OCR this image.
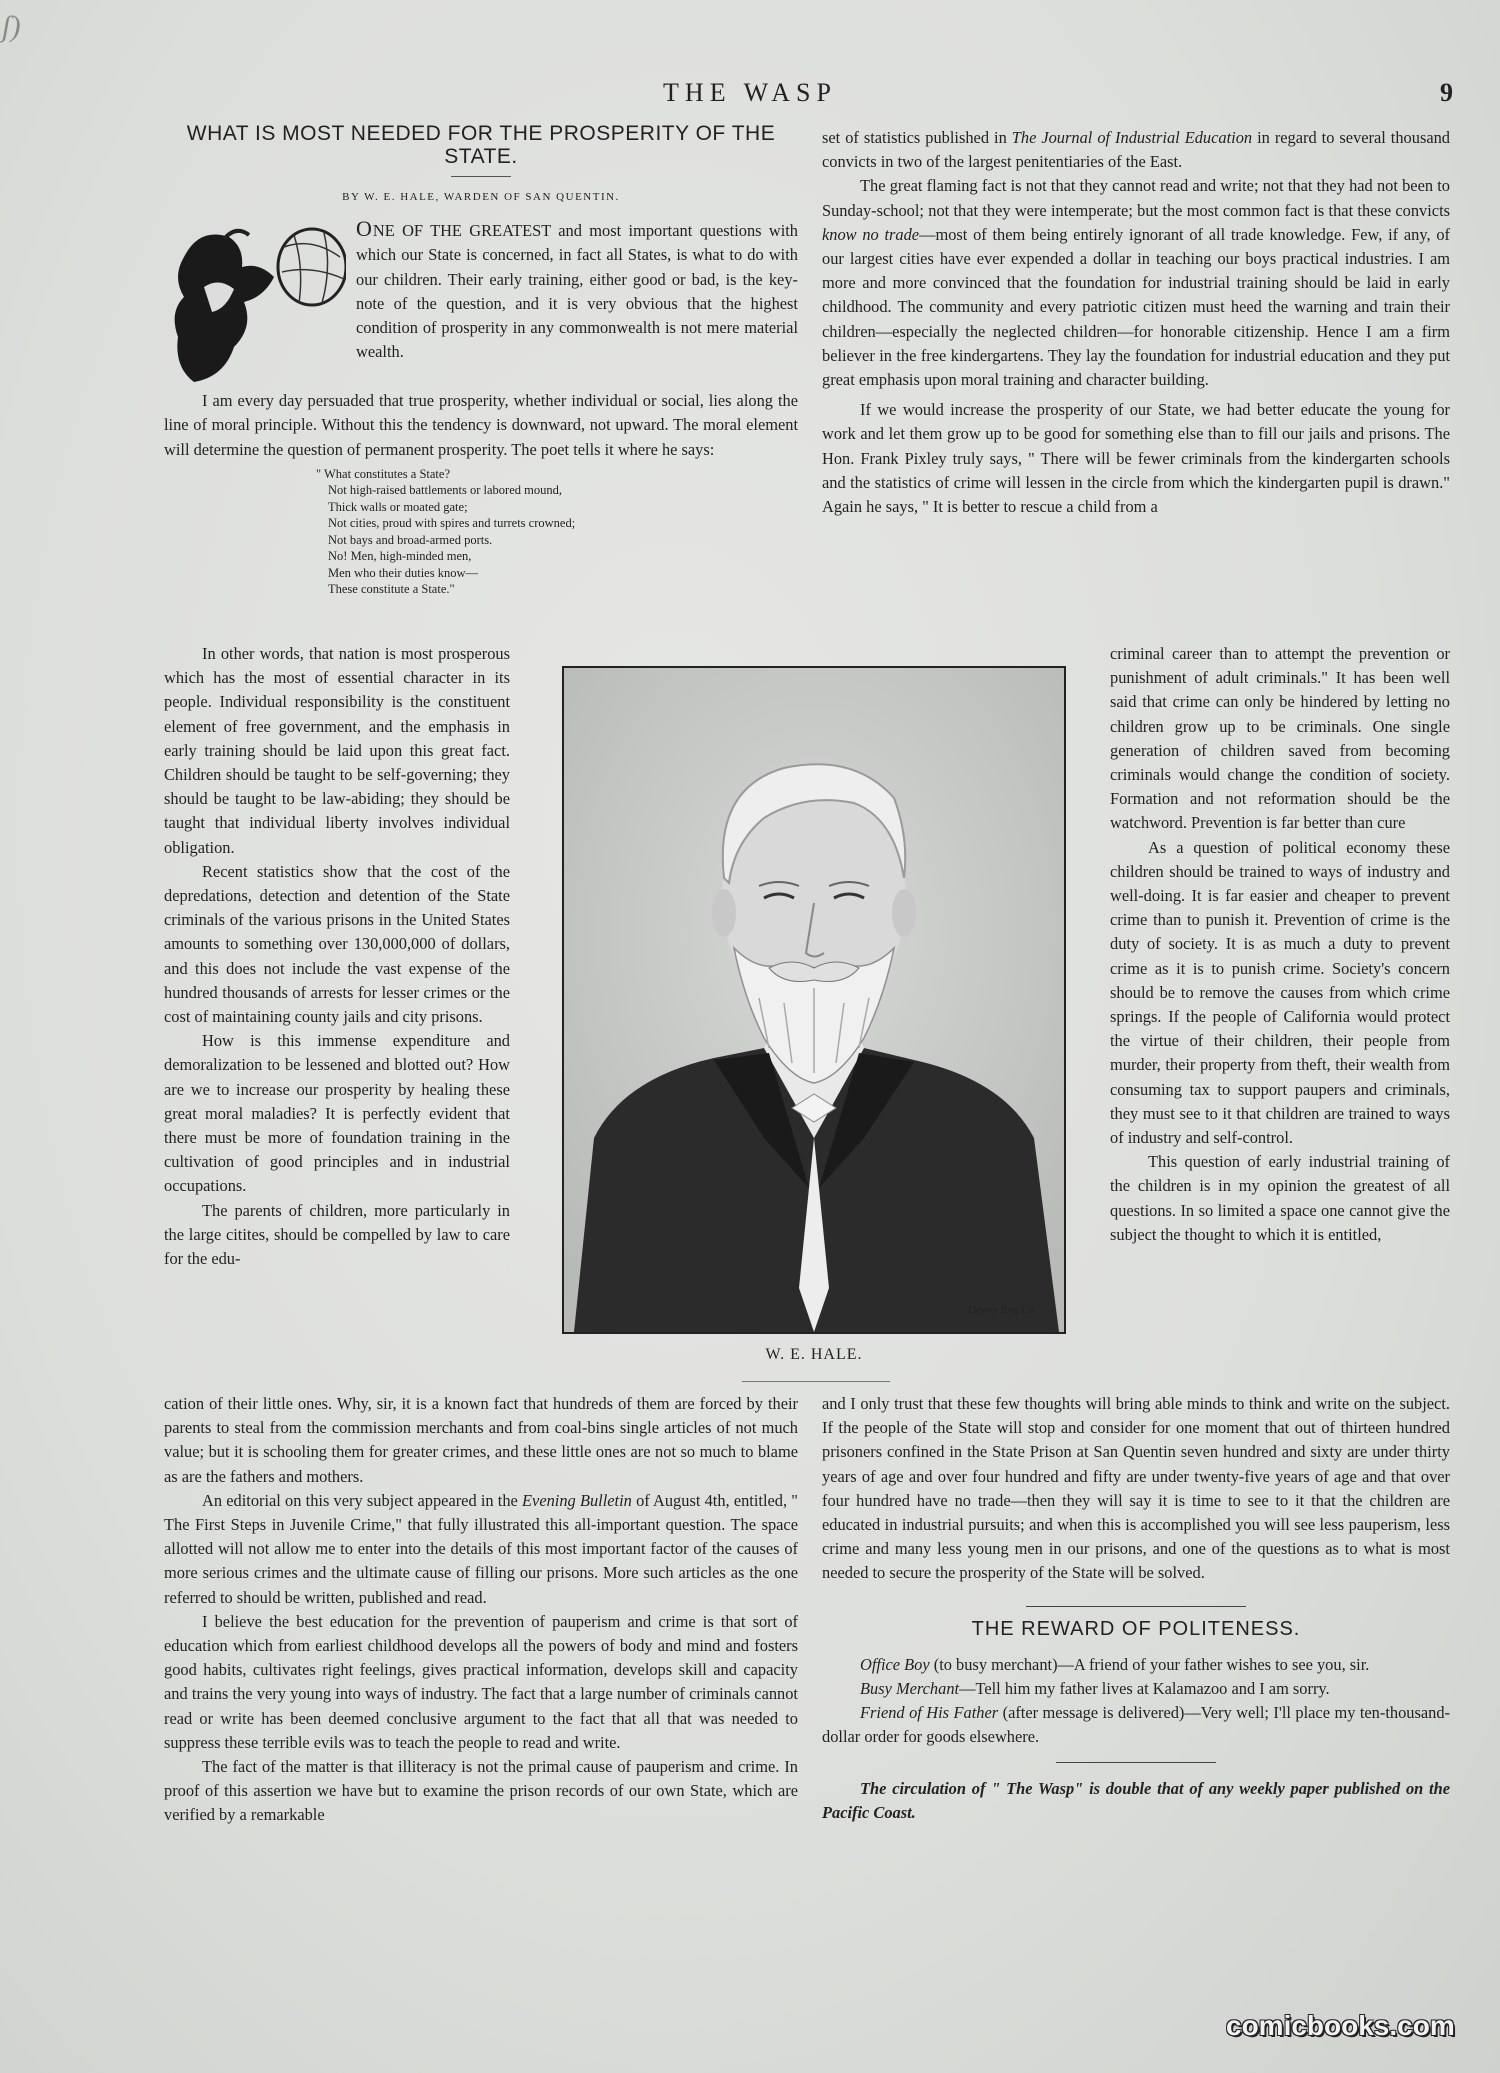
ʃ)
THE WASP	9
WHAT IS MOST NEEDED FOR THE PROSPERITY OF THE STATE.
BY W. E. HALE, WARDEN OF SAN QUENTIN.

ONE OF THE GREATEST and most important questions with which our State is concerned, in fact all States, is what to do with our children. Their early training, either good or bad, is the key-note of the question, and it is very obvious that the highest condition of prosperity in any commonwealth is not mere material wealth.

I am every day persuaded that true prosperity, whether individual or social, lies along the line of moral principle. Without this the tendency is downward, not upward. The moral element will determine the question of permanent prosperity. The poet tells it where he says:

" What constitutes a State?
Not high-raised battlements or labored mound,
Thick walls or moated gate;
Not cities, proud with spires and turrets crowned;
Not bays and broad-armed ports.
No! Men, high-minded men,
Men who their duties know—
These constitute a State."

In other words, that nation is most prosperous which has the most of essential character in its people. Individual responsibility is the constituent element of free government, and the emphasis in early training should be laid upon this great fact. Children should be taught to be self-governing; they should be taught to be law-abiding; they should be taught that individual liberty involves individual obligation.

Recent statistics show that the cost of the depredations, detection and detention of the State criminals of the various prisons in the United States amounts to something over 130,000,000 of dollars, and this does not include the vast expense of the hundred thousands of arrests for lesser crimes or the cost of maintaining county jails and city prisons.

How is this immense expenditure and demoralization to be lessened and blotted out? How are we to increase our prosperity by healing these great moral maladies? It is perfectly evident that there must be more of foundation training in the cultivation of good principles and in industrial occupations.

The parents of children, more particularly in the large citites, should be compelled by law to care for the edu-

cation of their little ones. Why, sir, it is a known fact that hundreds of them are forced by their parents to steal from the commission merchants and from coal-bins single articles of not much value; but it is schooling them for greater crimes, and these little ones are not so much to blame as are the fathers and mothers.

An editorial on this very subject appeared in the Evening Bulletin of August 4th, entitled, " The First Steps in Juvenile Crime," that fully illustrated this all-important question. The space allotted will not allow me to enter into the details of this most important factor of the causes of more serious crimes and the ultimate cause of filling our prisons. More such articles as the one referred to should be written, published and read.

I believe the best education for the prevention of pauperism and crime is that sort of education which from earliest childhood develops all the powers of body and mind and fosters good habits, cultivates right feelings, gives practical information, develops skill and capacity and trains the very young into ways of industry. The fact that a large number of criminals cannot read or write has been deemed conclusive argument to the fact that all that was needed to suppress these terrible evils was to teach the people to read and write.

The fact of the matter is that illiteracy is not the primal cause of pauperism and crime. In proof of this assertion we have but to examine the prison records of our own State, which are verified by a remarkable

set of statistics published in The Journal of Industrial Education in regard to several thousand convicts in two of the largest penitentiaries of the East.

The great flaming fact is not that they cannot read and write; not that they had not been to Sunday-school; not that they were intemperate; but the most common fact is that these convicts know no trade—most of them being entirely ignorant of all trade knowledge. Few, if any, of our largest cities have ever expended a dollar in teaching our boys practical industries. I am more and more convinced that the foundation for industrial training should be laid in early childhood. The community and every patriotic citizen must heed the warning and train their children—especially the neglected children—for honorable citizenship. Hence I am a firm believer in the free kindergartens. They lay the foundation for industrial education and they put great emphasis upon moral training and character building.

If we would increase the prosperity of our State, we had better educate the young for work and let them grow up to be good for something else than to fill our jails and prisons. The Hon. Frank Pixley truly says, " There will be fewer criminals from the kindergarten schools and the statistics of crime will lessen in the circle from which the kindergarten pupil is drawn." Again he says, " It is better to rescue a child from a

criminal career than to attempt the prevention or punishment of adult criminals." It has been well said that crime can only be hindered by letting no children grow up to be criminals. One single generation of children saved from becoming criminals would change the condition of society. Formation and not reformation should be the watchword. Prevention is far better than cure

As a question of political economy these children should be trained to ways of industry and well-doing. It is far easier and cheaper to prevent crime than to punish it. Prevention of crime is the duty of society. It is as much a duty to prevent crime as it is to punish crime. Society's concern should be to remove the causes from which crime springs. If the people of California would protect the virtue of their children, their people from murder, their property from theft, their wealth from consuming tax to support paupers and criminals, they must see to it that children are trained to ways of industry and self-control.

This question of early industrial training of the children is in my opinion the greatest of all questions. In so limited a space one cannot give the subject the thought to which it is entitled,

and I only trust that these few thoughts will bring able minds to think and write on the subject. If the people of the State will stop and consider for one moment that out of thirteen hundred prisoners confined in the State Prison at San Quentin seven hundred and sixty are under thirty years of age and over four hundred and fifty are under twenty-five years of age and that over four hundred have no trade—then they will say it is time to see to it that the children are educated in industrial pursuits; and when this is accomplished you will see less pauperism, less crime and many less young men in our prisons, and one of the questions as to what is most needed to secure the prosperity of the State will be solved.

THE REWARD OF POLITENESS.

Office Boy (to busy merchant)—A friend of your father wishes to see you, sir.

Busy Merchant—Tell him my father lives at Kalamazoo and I am sorry.

Friend of His Father (after message is delivered)—Very well; I'll place my ten-thousand-dollar order for goods elsewhere.

The circulation of " The Wasp" is double that of any weekly paper published on the Pacific Coast.

Dewey Eng.Co
W. E. HALE.
comicbooks.com
